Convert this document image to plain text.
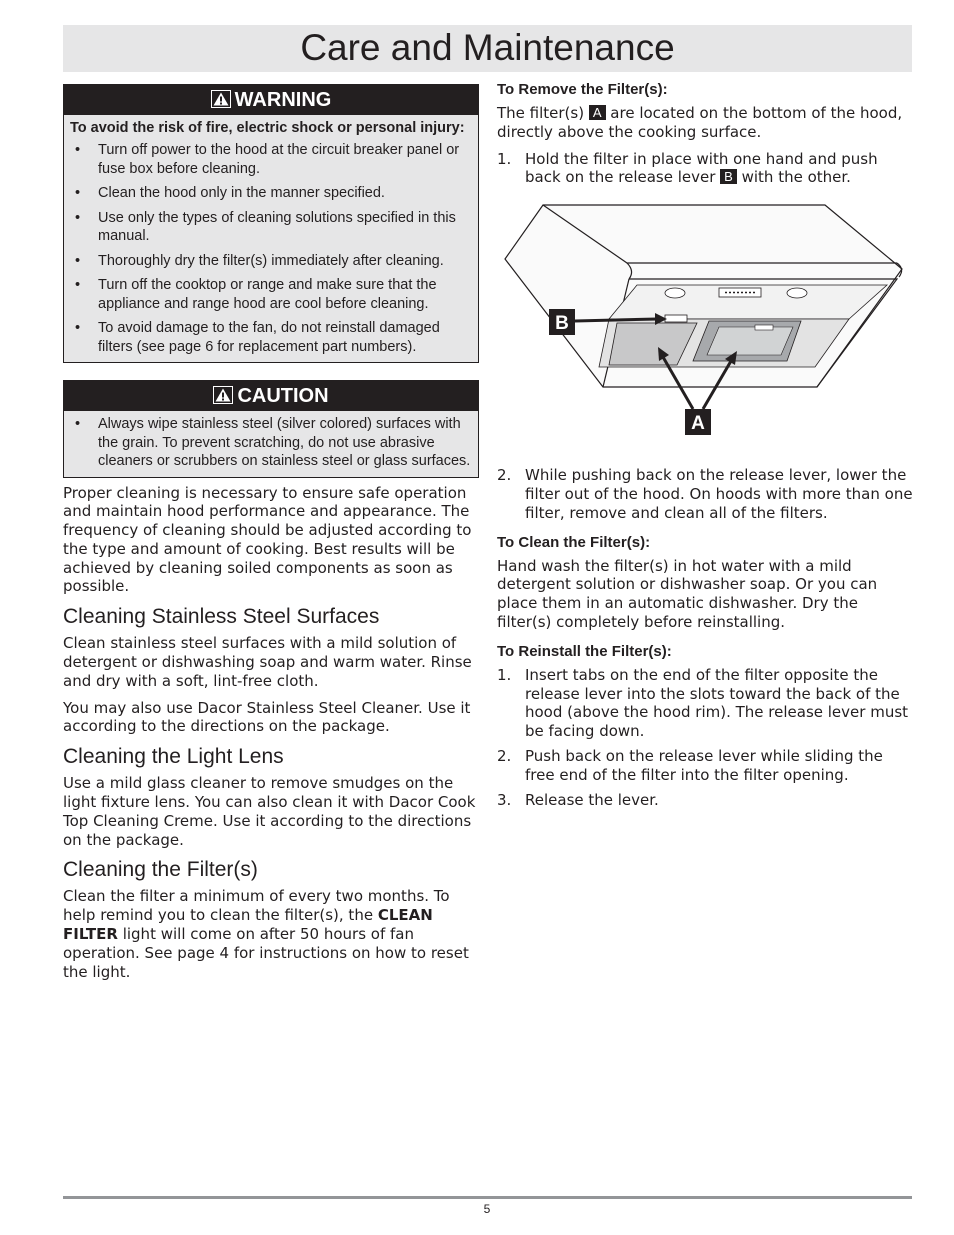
Care and Maintenance
WARNING
To avoid the risk of fire, electric shock or personal injury:
• Turn off power to the hood at the circuit breaker panel or fuse box before cleaning.
• Clean the hood only in the manner specified.
• Use only the types of cleaning solutions specified in this manual.
• Thoroughly dry the filter(s) immediately after cleaning.
• Turn off the cooktop or range and make sure that the appliance and range hood are cool before cleaning.
• To avoid damage to the fan, do not reinstall damaged filters (see page 6 for replacement part numbers).
CAUTION
• Always wipe stainless steel (silver colored) surfaces with the grain. To prevent scratching, do not use abrasive cleaners or scrubbers on stainless steel or glass surfaces.

Proper cleaning is necessary to ensure safe operation and maintain hood performance and appearance. The frequency of cleaning should be adjusted according to the type and amount of cooking. Best results will be achieved by cleaning soiled components as soon as possible.

Cleaning Stainless Steel Surfaces

Clean stainless steel surfaces with a mild solution of detergent or dishwashing soap and warm water. Rinse and dry with a soft, lint-free cloth.

You may also use Dacor Stainless Steel Cleaner. Use it according to the directions on the package.

Cleaning the Light Lens

Use a mild glass cleaner to remove smudges on the light fixture lens. You can also clean it with Dacor Cook Top Cleaning Creme. Use it according to the directions on the package.

Cleaning the Filter(s)

Clean the filter a minimum of every two months. To help remind you to clean the filter(s), the CLEAN FILTER light will come on after 50 hours of fan operation. See page 4 for instructions on how to reset the light.

To Remove the Filter(s):

The filter(s) A are located on the bottom of the hood, directly above the cooking surface.

1. Hold the filter in place with one hand and push back on the release lever B with the other.
B
A
2. While pushing back on the release lever, lower the filter out of the hood. On hoods with more than one filter, remove and clean all of the filters.
To Clean the Filter(s):

Hand wash the filter(s) in hot water with a mild detergent solution or dishwasher soap. Or you can place them in an automatic dishwasher. Dry the filter(s) completely before reinstalling.

To Reinstall the Filter(s):
1. Insert tabs on the end of the filter opposite the release lever into the slots toward the back of the hood (above the hood rim). The release lever must be facing down.
2. Push back on the release lever while sliding the free end of the filter into the filter opening.
3. Release the lever.
5
